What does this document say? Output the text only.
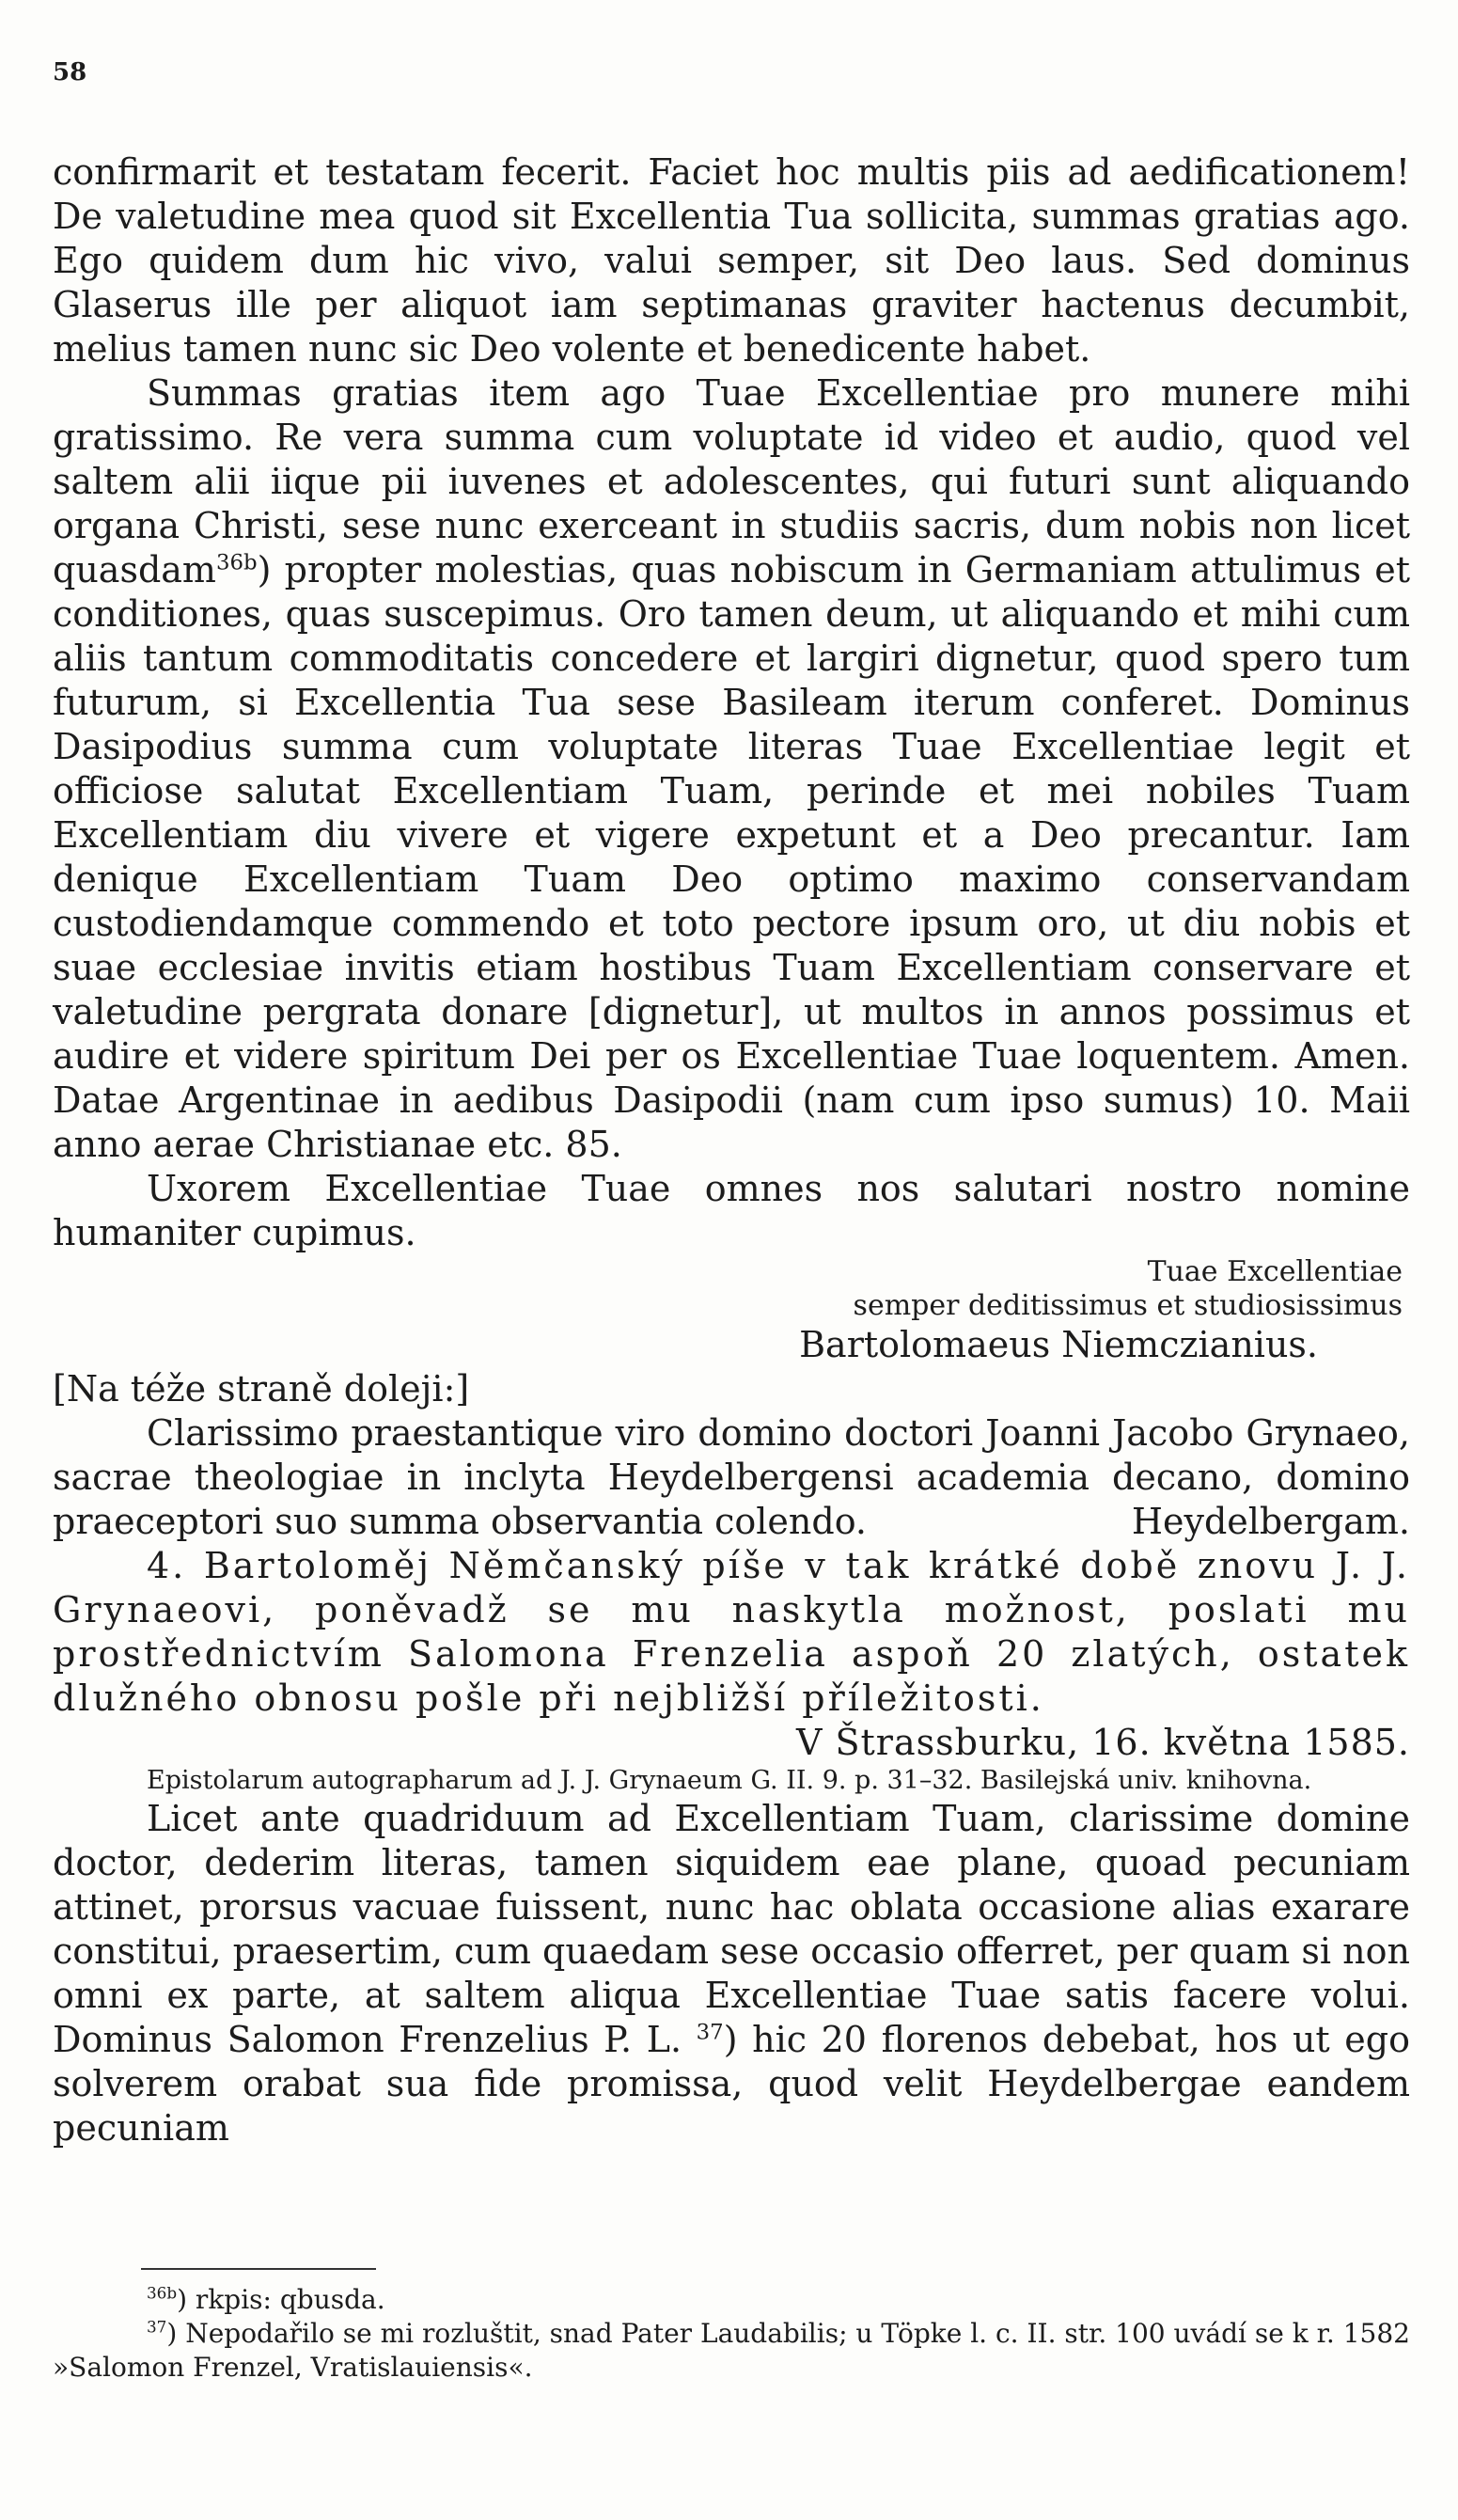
58

confirmarit et testatam fecerit. Faciet hoc multis piis ad aedificationem! De valetudine mea quod sit Excellentia Tua sollicita, summas gratias ago. Ego quidem dum hic vivo, valui semper, sit Deo laus. Sed dominus Glaserus ille per aliquot iam septimanas graviter hactenus decumbit, melius tamen nunc sic Deo volente et benedicente habet.

Summas gratias item ago Tuae Excellentiae pro munere mihi gratissimo. Re vera summa cum voluptate id video et audio, quod vel saltem alii iique pii iuvenes et adolescentes, qui futuri sunt aliquando organa Christi, sese nunc exerceant in studiis sacris, dum nobis non licet quasdam$^{36b}$) propter molestias, quas nobiscum in Germaniam attulimus et conditiones, quas suscepimus. Oro tamen deum, ut aliquando et mihi cum aliis tantum commoditatis concedere et largiri dignetur, quod spero tum futurum, si Excellentia Tua sese Basileam iterum conferet. Dominus Dasipodius summa cum voluptate literas Tuae Excellentiae legit et officiose salutat Excellentiam Tuam, perinde et mei nobiles Tuam Excellentiam diu vivere et vigere expetunt et a Deo precantur. Iam denique Excellentiam Tuam Deo optimo maximo conservandam custodiendamque commendo et toto pectore ipsum oro, ut diu nobis et suae ecclesiae invitis etiam hostibus Tuam Excellentiam conservare et valetudine pergrata donare [dignetur], ut multos in annos possimus et audire et videre spiritum Dei per os Excellentiae Tuae loquentem. Amen. Datae Argentinae in aedibus Dasipodii (nam cum ipso sumus) 10. Maii anno aerae Christianae etc. 85.

Uxorem Excellentiae Tuae omnes nos salutari nostro nomine humaniter cupimus.

Tuae Excellentiae
semper deditissimus et studiosissimus
Bartolomaeus Niemczianius.

[Na téže straně doleji:]

Clarissimo praestantique viro domino doctori Joanni Jacobo Grynaeo, sacrae theologiae in inclyta Heydelbergensi academia decano, domino praeceptori suo summa observantia colendo.	Heydelbergam.

4. Bartoloměj Němčanský píše v tak krátké době znovu J. J. Grynaeovi, poněvadž se mu naskytla možnost, poslati mu prostřednictvím Salomona Frenzelia aspoň 20 zlatých, ostatek dlužného obnosu pošle při nejbližší příležitosti.

V Štrassburku, 16. května 1585.

Epistolarum autographarum ad J. J. Grynaeum G. II. 9. p. 31–32. Basilejská univ. knihovna.

Licet ante quadriduum ad Excellentiam Tuam, clarissime domine doctor, dederim literas, tamen siquidem eae plane, quoad pecuniam attinet, prorsus vacuae fuissent, nunc hac oblata occasione alias exarare constitui, praesertim, cum quaedam sese occasio offerret, per quam si non omni ex parte, at saltem aliqua Excellentiae Tuae satis facere volui. Dominus Salomon Frenzelius P. L. $^{37}$) hic 20 florenos debebat, hos ut ego solverem orabat sua fide promissa, quod velit Heydelbergae eandem pecuniam

$^{36b}$) rkpis: qbusda.

$^{37}$) Nepodařilo se mi rozluštit, snad Pater Laudabilis; u Töpke l. c. II. str. 100 uvádí se k r. 1582 »Salomon Frenzel, Vratislauiensis«.
